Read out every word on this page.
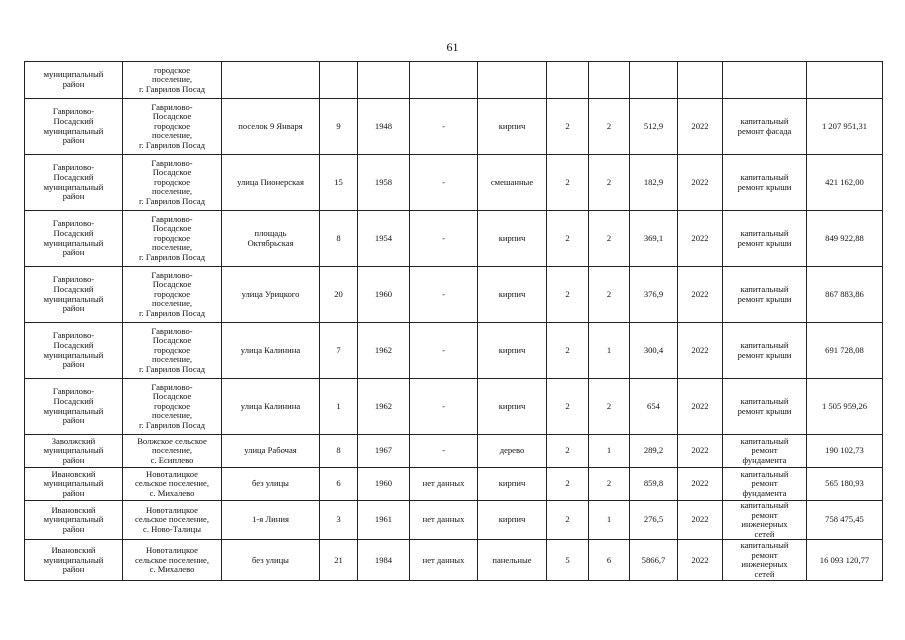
61
муниципальный
район	городское
поселение,
г. Гаврилов Посад											

Гаврилово-
Посадский
муниципальный
район	Гаврилово-
Посадское
городское
поселение,
г. Гаврилов Посад	поселок 9 Января	9	1948	-	кирпич	2	2	512,9	2022	капитальный
ремонт фасада	1 207 951,31

Гаврилово-
Посадский
муниципальный
район	Гаврилово-
Посадское
городское
поселение,
г. Гаврилов Посад	улица Пионерская	15	1958	-	смешанные	2	2	182,9	2022	капитальный
ремонт крыши	421 162,00

Гаврилово-
Посадский
муниципальный
район	Гаврилово-
Посадское
городское
поселение,
г. Гаврилов Посад	площадь
Октябрьская	8	1954	-	кирпич	2	2	369,1	2022	капитальный
ремонт крыши	849 922,88

Гаврилово-
Посадский
муниципальный
район	Гаврилово-
Посадское
городское
поселение,
г. Гаврилов Посад	улица Урицкого	20	1960	-	кирпич	2	2	376,9	2022	капитальный
ремонт крыши	867 883,86

Гаврилово-
Посадский
муниципальный
район	Гаврилово-
Посадское
городское
поселение,
г. Гаврилов Посад	улица Калинина	7	1962	-	кирпич	2	1	300,4	2022	капитальный
ремонт крыши	691 728,08

Гаврилово-
Посадский
муниципальный
район	Гаврилово-
Посадское
городское
поселение,
г. Гаврилов Посад	улица Калинина	1	1962	-	кирпич	2	2	654	2022	капитальный
ремонт крыши	1 505 959,26

Заволжский
муниципальный
район	Волжское сельское
поселение,
с. Есиплево	улица Рабочая	8	1967	-	дерево	2	1	289,2	2022	капитальный
ремонт
фундамента	190 102,73

Ивановский
муниципальный
район	Новоталицкое
сельское поселение,
с. Михалево	без улицы	6	1960	нет данных	кирпич	2	2	859,8	2022	капитальный
ремонт
фундамента	565 180,93

Ивановский
муниципальный
район	Новоталицкое
сельское поселение,
с. Ново-Талицы	1-я Линия	3	1961	нет данных	кирпич	2	1	276,5	2022	капитальный
ремонт
инженерных
сетей	758 475,45

Ивановский
муниципальный
район	Новоталицкое
сельское поселение,
с. Михалево	без улицы	21	1984	нет данных	панельные	5	6	5866,7	2022	капитальный
ремонт
инженерных
сетей	16 093 120,77
